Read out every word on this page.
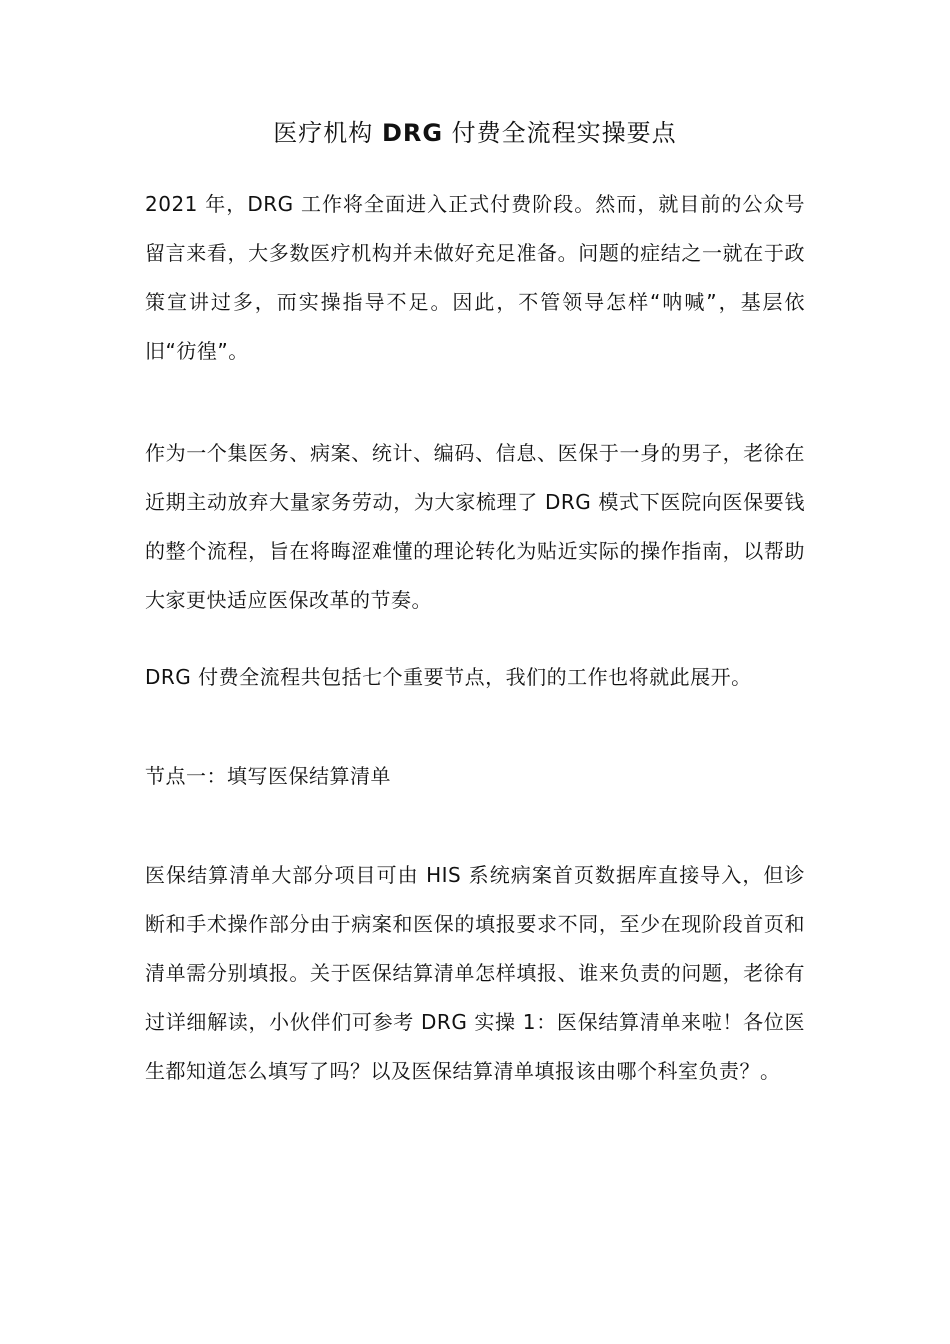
医疗机构 DRG 付费全流程实操要点

2021 年，DRG 工作将全面进入正式付费阶段。然而，就目前的公众号留言来看，大多数医疗机构并未做好充足准备。问题的症结之一就在于政策宣讲过多，而实操指导不足。因此，不管领导怎样“呐喊”，基层依旧“彷徨”。

作为一个集医务、病案、统计、编码、信息、医保于一身的男子，老徐在近期主动放弃大量家务劳动，为大家梳理了 DRG 模式下医院向医保要钱的整个流程，旨在将晦涩难懂的理论转化为贴近实际的操作指南，以帮助大家更快适应医保改革的节奏。

DRG 付费全流程共包括七个重要节点，我们的工作也将就此展开。

节点一：填写医保结算清单

医保结算清单大部分项目可由 HIS 系统病案首页数据库直接导入，但诊断和手术操作部分由于病案和医保的填报要求不同，至少在现阶段首页和清单需分别填报。关于医保结算清单怎样填报、谁来负责的问题，老徐有过详细解读，小伙伴们可参考 DRG 实操 1：医保结算清单来啦！各位医生都知道怎么填写了吗？以及医保结算清单填报该由哪个科室负责？。
